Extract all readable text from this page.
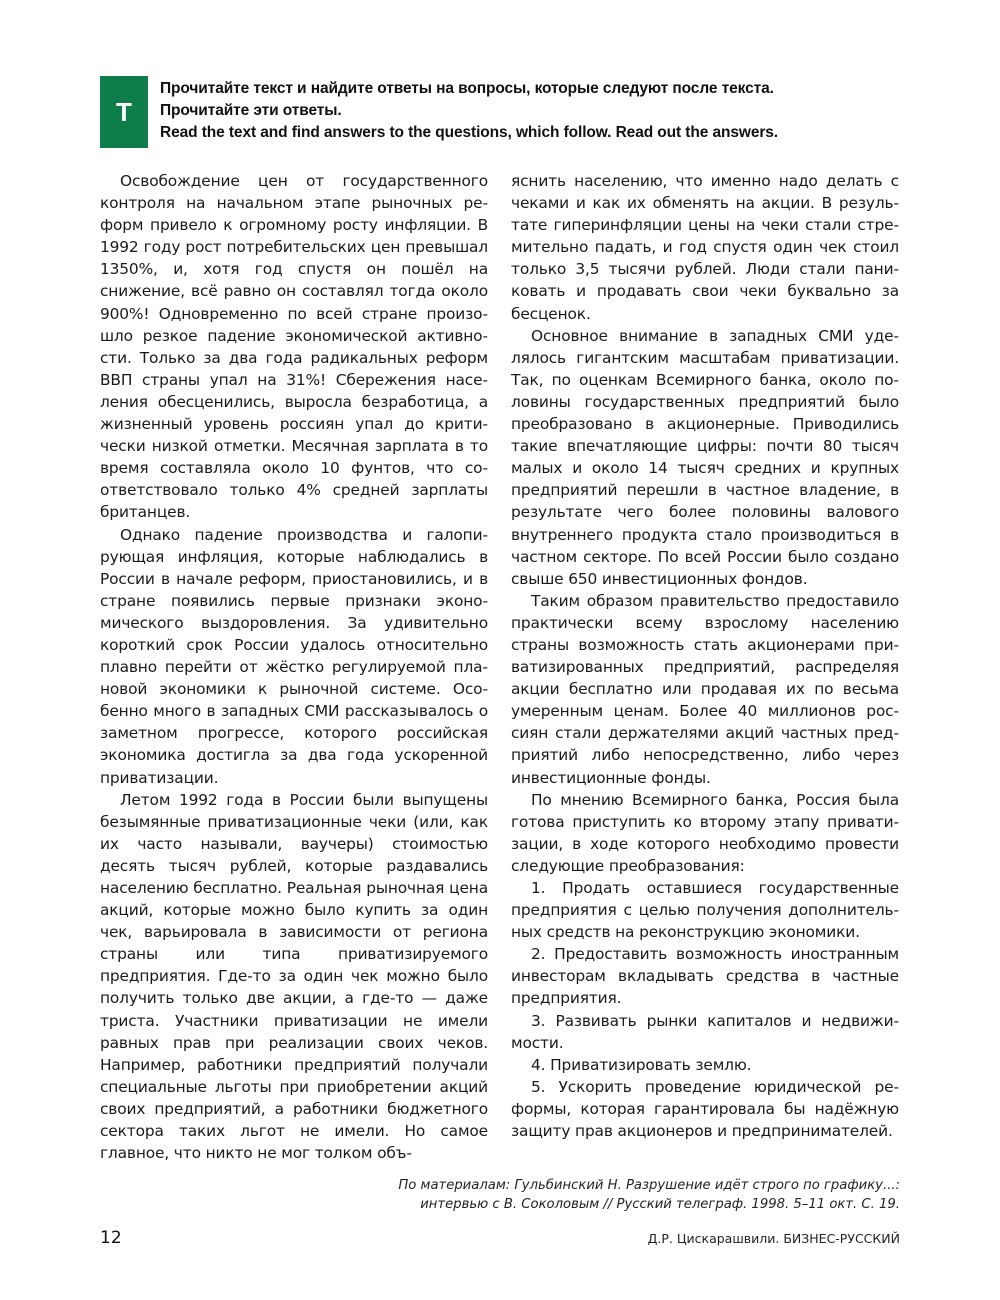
T
Прочитайте текст и найдите ответы на вопросы, которые следуют после текста.
Прочитайте эти ответы.
Read the text and find answers to the questions, which follow. Read out the answers.

Освобождение цен от государственного контроля на начальном этапе рыночных реформ привело к огромному росту инфляции. В 1992 году рост потребительских цен превышал 1350%, и, хотя год спустя он пошёл на снижение, всё равно он составлял тогда около 900%! Одновременно по всей стране произошло резкое падение экономической активности. Только за два года радикальных реформ ВВП страны упал на 31%! Сбережения населения обесценились, выросла безработица, а жизненный уровень россиян упал до критически низкой отметки. Месячная зарплата в то время составляла около 10 фунтов, что соответствовало только 4% средней зарплаты британцев.

Однако падение производства и галопирующая инфляция, которые наблюдались в России в начале реформ, приостановились, и в стране появились первые признаки экономического выздоровления. За удивительно короткий срок России удалось относительно плавно перейти от жёстко регулируемой плановой экономики к рыночной системе. Особенно много в западных СМИ рассказывалось о заметном прогрессе, которого российская экономика достигла за два года ускоренной приватизации.

Летом 1992 года в России были выпущены безымянные приватизационные чеки (или, как их часто называли, ваучеры) стоимостью десять тысяч рублей, которые раздавались населению бесплатно. Реальная рыночная цена акций, которые можно было купить за один чек, варьировала в зависимости от региона страны или типа приватизируемого предприятия. Где-то за один чек можно было получить только две акции, а где-то — даже триста. Участники приватизации не имели равных прав при реализации своих чеков. Например, работники предприятий получали специальные льготы при приобретении акций своих предприятий, а работники бюджетного сектора таких льгот не имели. Но самое главное, что никто не мог толком объ-

яснить населению, что именно надо делать с чеками и как их обменять на акции. В результате гиперинфляции цены на чеки стали стремительно падать, и год спустя один чек стоил только 3,5 тысячи рублей. Люди стали паниковать и продавать свои чеки буквально за бесценок.

Основное внимание в западных СМИ уделялось гигантским масштабам приватизации. Так, по оценкам Всемирного банка, около половины государственных предприятий было преобразовано в акционерные. Приводились такие впечатляющие цифры: почти 80 тысяч малых и около 14 тысяч средних и крупных предприятий перешли в частное владение, в результате чего более половины валового внутреннего продукта стало производиться в частном секторе. По всей России было создано свыше 650 инвестиционных фондов.

Таким образом правительство предоставило практически всему взрослому населению страны возможность стать акционерами приватизированных предприятий, распределяя акции бесплатно или продавая их по весьма умеренным ценам. Более 40 миллионов россиян стали держателями акций частных предприятий либо непосредственно, либо через инвестиционные фонды.

По мнению Всемирного банка, Россия была готова приступить ко второму этапу приватизации, в ходе которого необходимо провести следующие преобразования:

1. Продать оставшиеся государственные предприятия с целью получения дополнительных средств на реконструкцию экономики.

2. Предоставить возможность иностранным инвесторам вкладывать средства в частные предприятия.

3. Развивать рынки капиталов и недвижимости.

4. Приватизировать землю.

5. Ускорить проведение юридической реформы, которая гарантировала бы надёжную защиту прав акционеров и предпринимателей.

По материалам: Гульбинский Н. Разрушение идёт строго по графику...:
интервью с В. Соколовым // Русский телеграф. 1998. 5–11 окт. С. 19.
12	Д.Р. Цискарашвили. БИЗНЕС-РУССКИЙ
